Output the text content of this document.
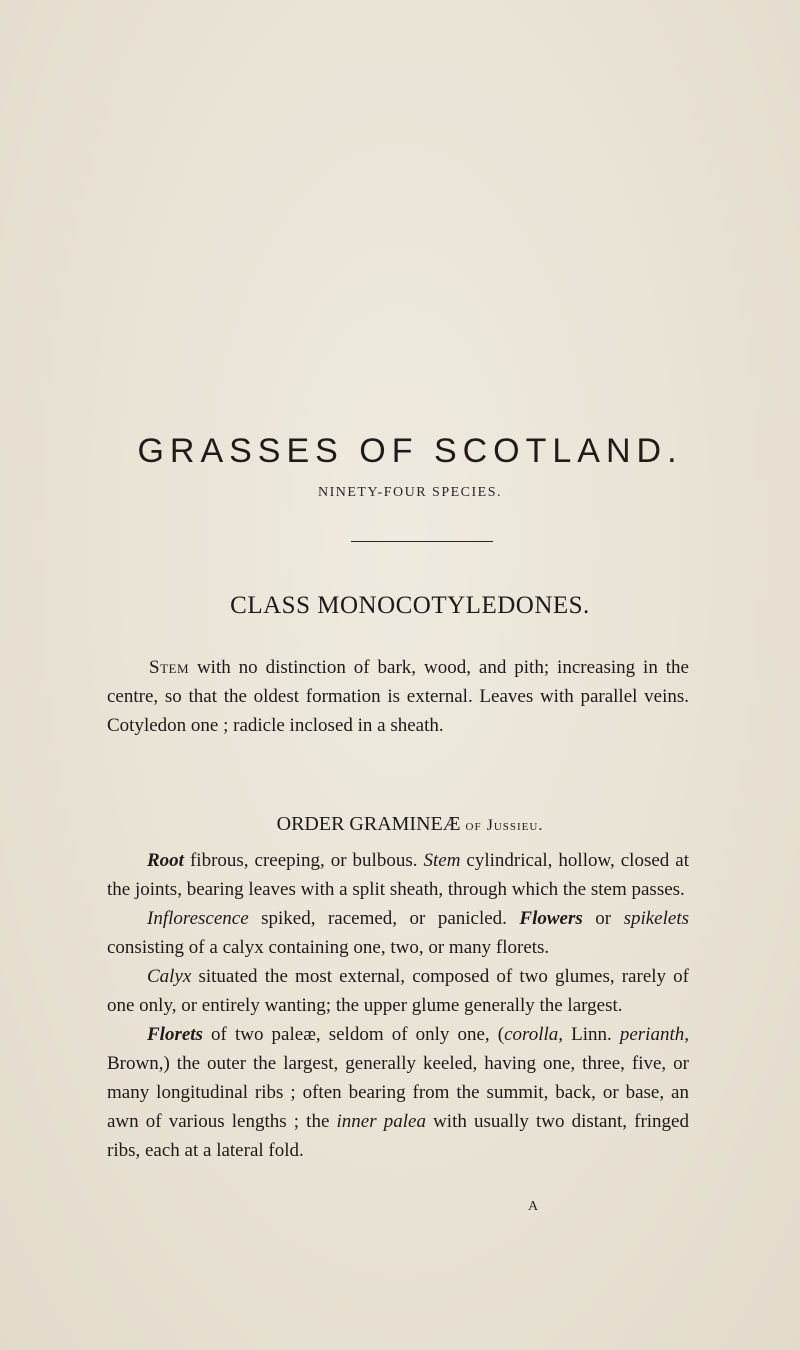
GRASSES OF SCOTLAND.
NINETY-FOUR SPECIES.
CLASS MONOCOTYLEDONES.
Stem with no distinction of bark, wood, and pith; increasing in the centre, so that the oldest formation is external. Leaves with parallel veins. Cotyledon one ; radicle inclosed in a sheath.
ORDER GRAMINEÆ of Jussieu.

Root fibrous, creeping, or bulbous. Stem cylindrical, hollow, closed at the joints, bearing leaves with a split sheath, through which the stem passes.

Inflorescence spiked, racemed, or panicled. Flowers or spikelets consisting of a calyx containing one, two, or many florets.

Calyx situated the most external, composed of two glumes, rarely of one only, or entirely wanting; the upper glume generally the largest.

Florets of two paleæ, seldom of only one, (corolla, Linn. perianth, Brown,) the outer the largest, generally keeled, having one, three, five, or many longitudinal ribs ; often bearing from the summit, back, or base, an awn of various lengths ; the inner palea with usually two distant, fringed ribs, each at a lateral fold.

A
